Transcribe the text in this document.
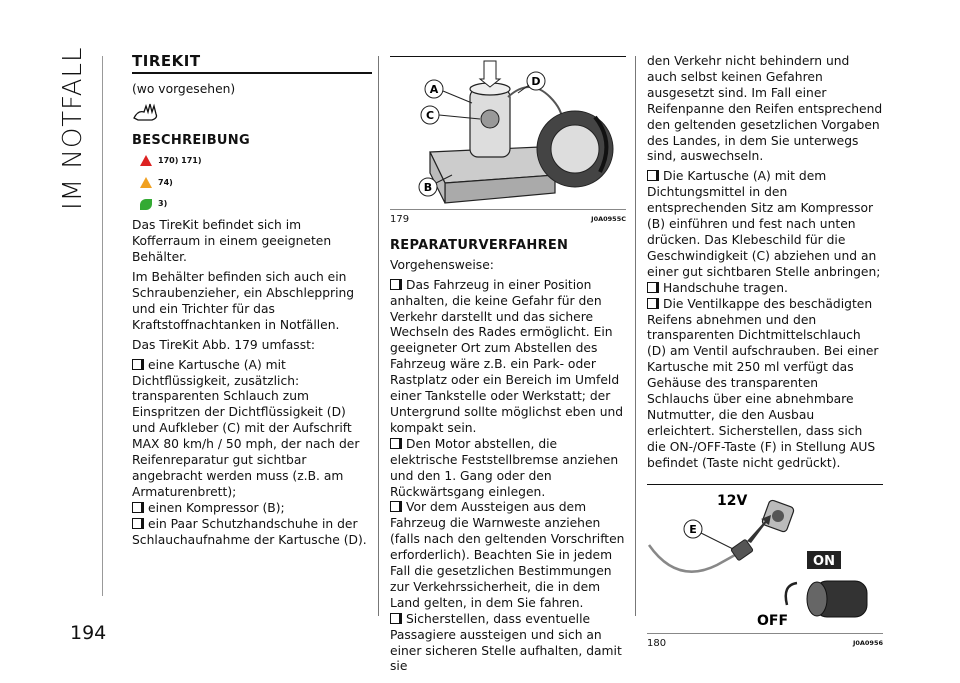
IM NOTFALL
194
TIREKIT

(wo vorgesehen)

BESCHREIBUNG
170) 171)
74)
3)

Das TireKit befindet sich im Kofferraum in einem geeigneten Behälter.

Im Behälter befinden sich auch ein Schraubenzieher, ein Abschleppring und ein Trichter für das Kraftstoffnachtanken in Notfällen.

Das TireKit Abb. 179 umfasst:

eine Kartusche (A) mit Dichtflüssigkeit, zusätzlich: transparenten Schlauch zum Einspritzen der Dichtflüssigkeit (D) und Aufkleber (C) mit der Aufschrift MAX 80 km/h / 50 mph, der nach der Reifenreparatur gut sichtbar angebracht werden muss (z.B. am Armaturenbrett);
einen Kompressor (B);
ein Paar Schutzhandschuhe in der Schlauchaufnahme der Kartusche (D).
A
B
C
D
179	J0A0955C
REPARATURVERFAHREN

Vorgehensweise:

Das Fahrzeug in einer Position anhalten, die keine Gefahr für den Verkehr darstellt und das sichere Wechseln des Rades ermöglicht. Ein geeigneter Ort zum Abstellen des Fahrzeug wäre z.B. ein Park- oder Rastplatz oder ein Bereich im Umfeld einer Tankstelle oder Werkstatt; der Untergrund sollte möglichst eben und kompakt sein.
Den Motor abstellen, die elektrische Feststellbremse anziehen und den 1. Gang oder den Rückwärtsgang einlegen.
Vor dem Aussteigen aus dem Fahrzeug die Warnweste anziehen (falls nach den geltenden Vorschriften erforderlich). Beachten Sie in jedem Fall die gesetzlichen Bestimmungen zur Verkehrssicherheit, die in dem Land gelten, in dem Sie fahren.
Sicherstellen, dass eventuelle Passagiere aussteigen und sich an einer sicheren Stelle aufhalten, damit sie

den Verkehr nicht behindern und auch selbst keinen Gefahren ausgesetzt sind. Im Fall einer Reifenpanne den Reifen entsprechend den geltenden gesetzlichen Vorgaben des Landes, in dem Sie unterwegs sind, auswechseln.

Die Kartusche (A) mit dem Dichtungsmittel in den entsprechenden Sitz am Kompressor (B) einführen und fest nach unten drücken. Das Klebeschild für die Geschwindigkeit (C) abziehen und an einer gut sichtbaren Stelle anbringen;
Handschuhe tragen.
Die Ventilkappe des beschädigten Reifens abnehmen und den transparenten Dichtmittelschlauch (D) am Ventil aufschrauben. Bei einer Kartusche mit 250 ml verfügt das Gehäuse des transparenten Schlauchs über eine abnehmbare Nutmutter, die den Ausbau erleichtert. Sicherstellen, dass sich die ON-/OFF-Taste (F) in Stellung AUS befindet (Taste nicht gedrückt).
12V
E
ON
OFF
180	J0A0956
